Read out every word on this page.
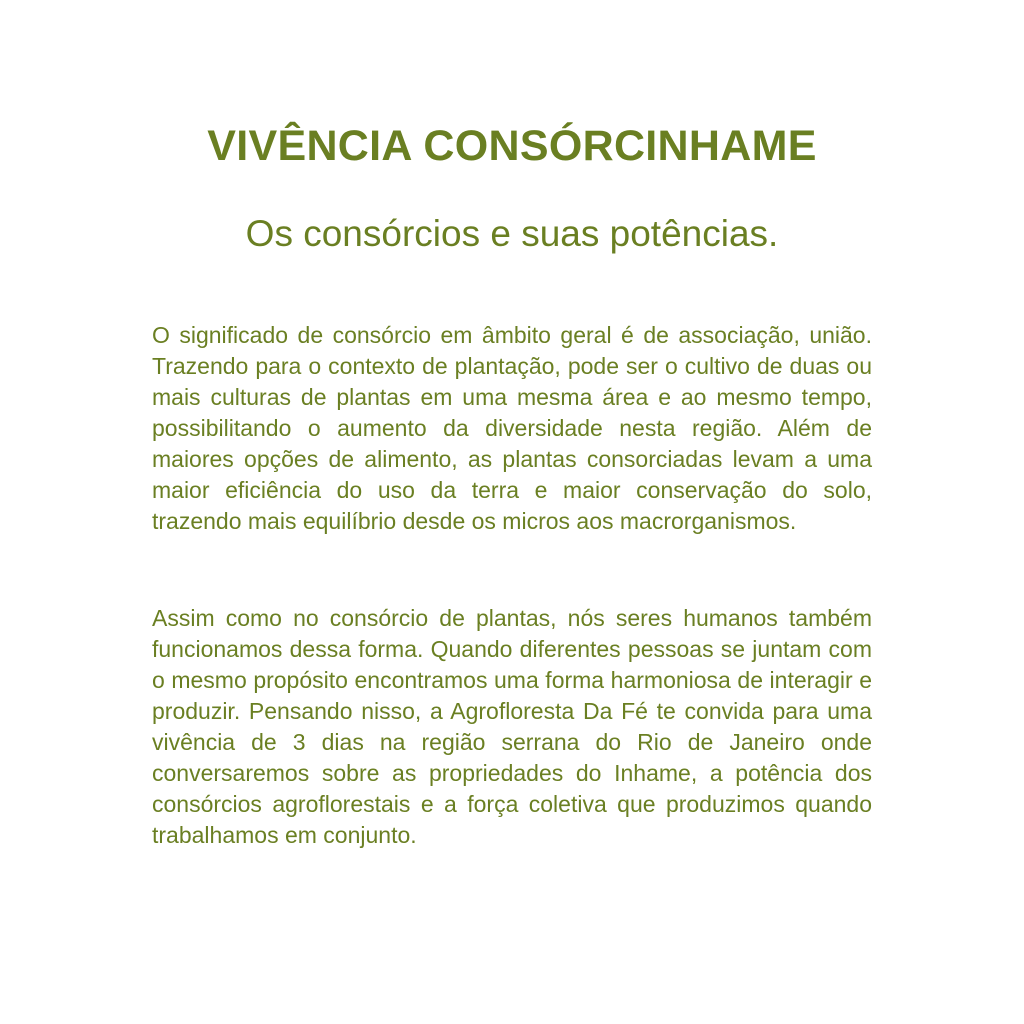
VIVÊNCIA CONSÓRCINHAME
Os consórcios e suas potências.

O significado de consórcio em âmbito geral é de associação, união. Trazendo para o contexto de plantação, pode ser o cultivo de duas ou mais culturas de plantas em uma mesma área e ao mesmo tempo, possibilitando o aumento da diversidade nesta região. Além de maiores opções de alimento, as plantas consorciadas levam a uma maior eficiência do uso da terra e maior conservação do solo, trazendo mais equilíbrio desde os micros aos macrorganismos.

Assim como no consórcio de plantas, nós seres humanos também funcionamos dessa forma. Quando diferentes pessoas se juntam com o mesmo propósito encontramos uma forma harmoniosa de interagir e produzir. Pensando nisso, a Agrofloresta Da Fé te convida para uma vivência de 3 dias na região serrana do Rio de Janeiro onde conversaremos sobre as propriedades do Inhame, a potência dos consórcios agroflorestais e a força coletiva que produzimos quando trabalhamos em conjunto.
